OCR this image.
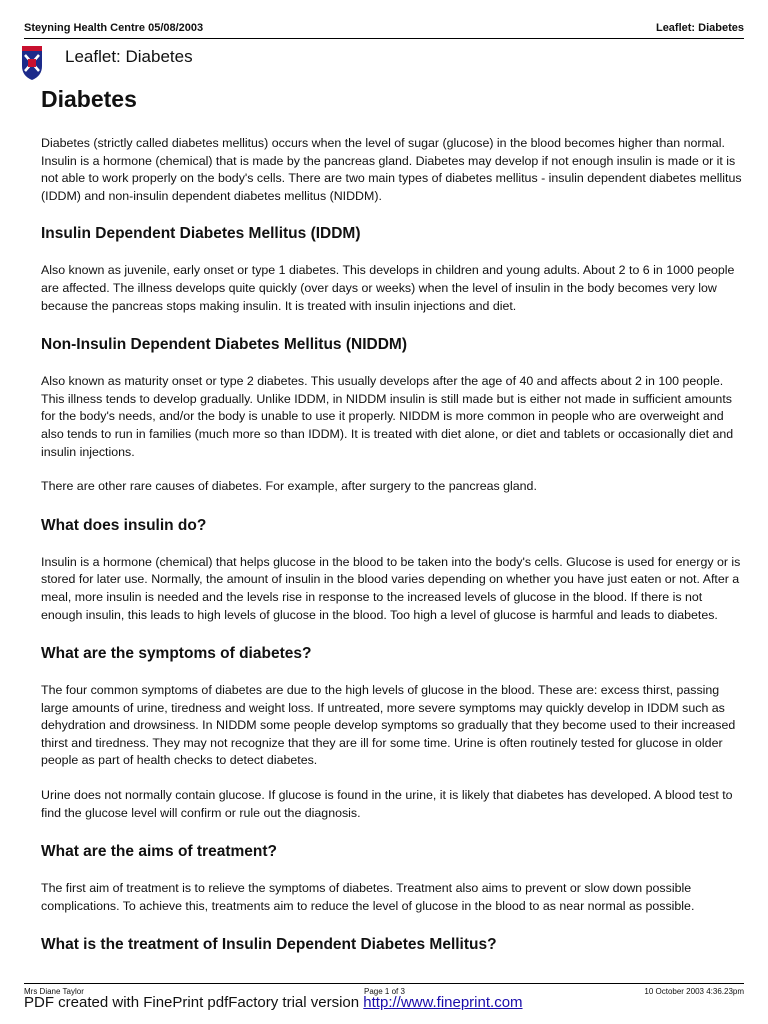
Steyning Health Centre 05/08/2003	Leaflet: Diabetes
Leaflet: Diabetes
Diabetes

Diabetes (strictly called diabetes mellitus) occurs when the level of sugar (glucose) in the blood becomes higher than normal. Insulin is a hormone (chemical) that is made by the pancreas gland. Diabetes may develop if not enough insulin is made or it is not able to work properly on the body's cells. There are two main types of diabetes mellitus - insulin dependent diabetes mellitus (IDDM) and non-insulin dependent diabetes mellitus (NIDDM).

Insulin Dependent Diabetes Mellitus (IDDM)

Also known as juvenile, early onset or type 1 diabetes. This develops in children and young adults. About 2 to 6 in 1000 people are affected. The illness develops quite quickly (over days or weeks) when the level of insulin in the body becomes very low because the pancreas stops making insulin. It is treated with insulin injections and diet.

Non-Insulin Dependent Diabetes Mellitus (NIDDM)

Also known as maturity onset or type 2 diabetes. This usually develops after the age of 40 and affects about 2 in 100 people. This illness tends to develop gradually. Unlike IDDM, in NIDDM insulin is still made but is either not made in sufficient amounts for the body's needs, and/or the body is unable to use it properly. NIDDM is more common in people who are overweight and also tends to run in families (much more so than IDDM). It is treated with diet alone, or diet and tablets or occasionally diet and insulin injections.

There are other rare causes of diabetes. For example, after surgery to the pancreas gland.

What does insulin do?

Insulin is a hormone (chemical) that helps glucose in the blood to be taken into the body's cells. Glucose is used for energy or is stored for later use. Normally, the amount of insulin in the blood varies depending on whether you have just eaten or not. After a meal, more insulin is needed and the levels rise in response to the increased levels of glucose in the blood. If there is not enough insulin, this leads to high levels of glucose in the blood. Too high a level of glucose is harmful and leads to diabetes.

What are the symptoms of diabetes?

The four common symptoms of diabetes are due to the high levels of glucose in the blood. These are: excess thirst, passing large amounts of urine, tiredness and weight loss. If untreated, more severe symptoms may quickly develop in IDDM such as dehydration and drowsiness. In NIDDM some people develop symptoms so gradually that they become used to their increased thirst and tiredness. They may not recognize that they are ill for some time. Urine is often routinely tested for glucose in older people as part of health checks to detect diabetes.

Urine does not normally contain glucose. If glucose is found in the urine, it is likely that diabetes has developed. A blood test to find the glucose level will confirm or rule out the diagnosis.

What are the aims of treatment?

The first aim of treatment is to relieve the symptoms of diabetes. Treatment also aims to prevent or slow down possible complications. To achieve this, treatments aim to reduce the level of glucose in the blood to as near normal as possible.

What is the treatment of Insulin Dependent Diabetes Mellitus?
Mrs Diane Taylor	Page 1 of 3	10 October 2003 4:36.23pm
PDF created with FinePrint pdfFactory trial version http://www.fineprint.com
